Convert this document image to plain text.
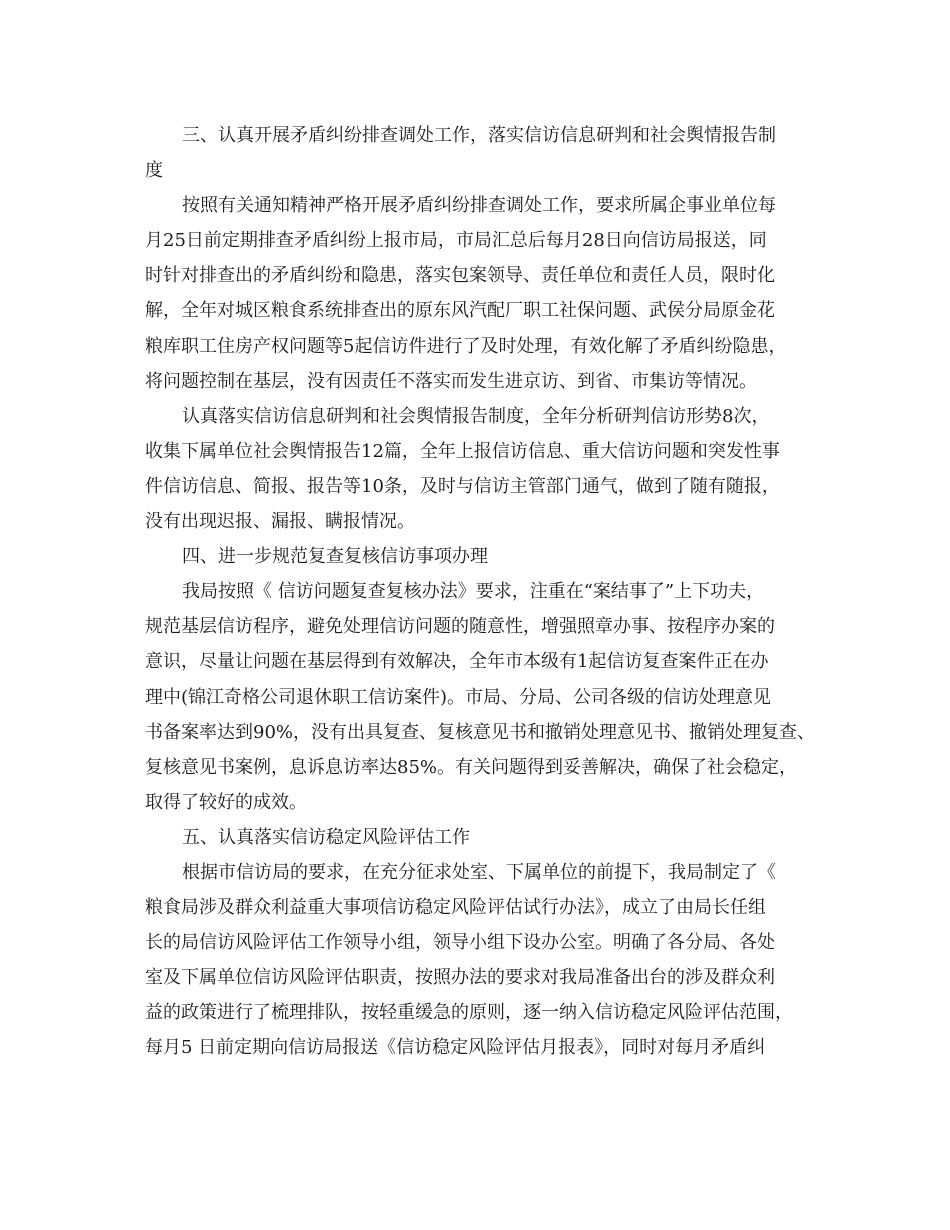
三、认真开展矛盾纠纷排查调处工作，落实信访信息研判和社会舆情报告制
度
按照有关通知精神严格开展矛盾纠纷排查调处工作，要求所属企事业单位每
月25日前定期排查矛盾纠纷上报市局，市局汇总后每月28日向信访局报送，同
时针对排查出的矛盾纠纷和隐患，落实包案领导、责任单位和责任人员，限时化
解，全年对城区粮食系统排查出的原东风汽配厂职工社保问题、武侯分局原金花
粮库职工住房产权问题等5起信访件进行了及时处理，有效化解了矛盾纠纷隐患，
将问题控制在基层，没有因责任不落实而发生进京访、到省、市集访等情况。
认真落实信访信息研判和社会舆情报告制度，全年分析研判信访形势8次，
收集下属单位社会舆情报告12篇，全年上报信访信息、重大信访问题和突发性事
件信访信息、简报、报告等10条，及时与信访主管部门通气，做到了随有随报，
没有出现迟报、漏报、瞒报情况。
四、进一步规范复查复核信访事项办理
我局按照《 信访问题复查复核办法》要求，注重在“案结事了”上下功夫，
规范基层信访程序，避免处理信访问题的随意性，增强照章办事、按程序办案的
意识，尽量让问题在基层得到有效解决，全年市本级有1起信访复查案件正在办
理中(锦江奇格公司退休职工信访案件)。市局、分局、公司各级的信访处理意见
书备案率达到90%，没有出具复查、复核意见书和撤销处理意见书、撤销处理复查、
复核意见书案例，息诉息访率达85%。有关问题得到妥善解决，确保了社会稳定，
取得了较好的成效。
五、认真落实信访稳定风险评估工作
根据市信访局的要求，在充分征求处室、下属单位的前提下，我局制定了《
粮食局涉及群众利益重大事项信访稳定风险评估试行办法》，成立了由局长任组
长的局信访风险评估工作领导小组，领导小组下设办公室。明确了各分局、各处
室及下属单位信访风险评估职责，按照办法的要求对我局准备出台的涉及群众利
益的政策进行了梳理排队，按轻重缓急的原则，逐一纳入信访稳定风险评估范围，
每月5 日前定期向信访局报送《信访稳定风险评估月报表》，同时对每月矛盾纠
